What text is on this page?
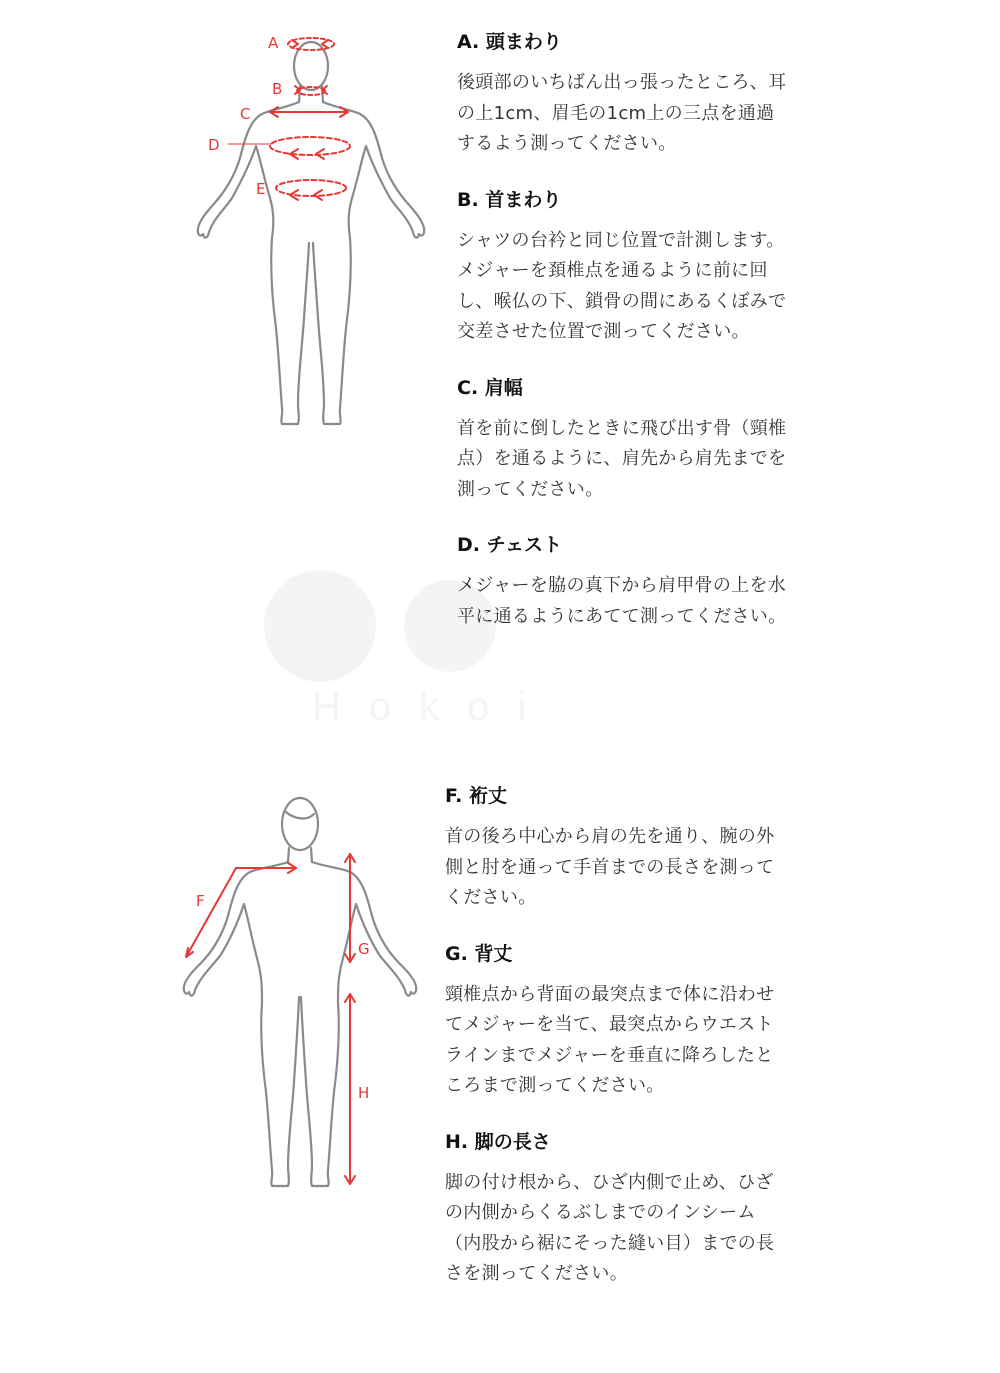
Hokoi
A
B
C
D
E
A. 頭まわり

後頭部のいちばん出っ張ったところ、耳の上1cm、眉毛の1cm上の三点を通過するよう測ってください。

B. 首まわり

シャツの台衿と同じ位置で計測します。メジャーを頚椎点を通るように前に回し、喉仏の下、鎖骨の間にあるくぼみで交差させた位置で測ってください。

C. 肩幅

首を前に倒したときに飛び出す骨（頸椎点）を通るように、肩先から肩先までを測ってください。

D. チェスト

メジャーを脇の真下から肩甲骨の上を水平に通るようにあてて測ってください。

F
G
H
F. 裄丈

首の後ろ中心から肩の先を通り、腕の外側と肘を通って手首までの長さを測ってください。

G. 背丈

頸椎点から背面の最突点まで体に沿わせてメジャーを当て、最突点からウエストラインまでメジャーを垂直に降ろしたところまで測ってください。

H. 脚の長さ

脚の付け根から、ひざ内側で止め、ひざの内側からくるぶしまでのインシーム（内股から裾にそった縫い目）までの長さを測ってください。
